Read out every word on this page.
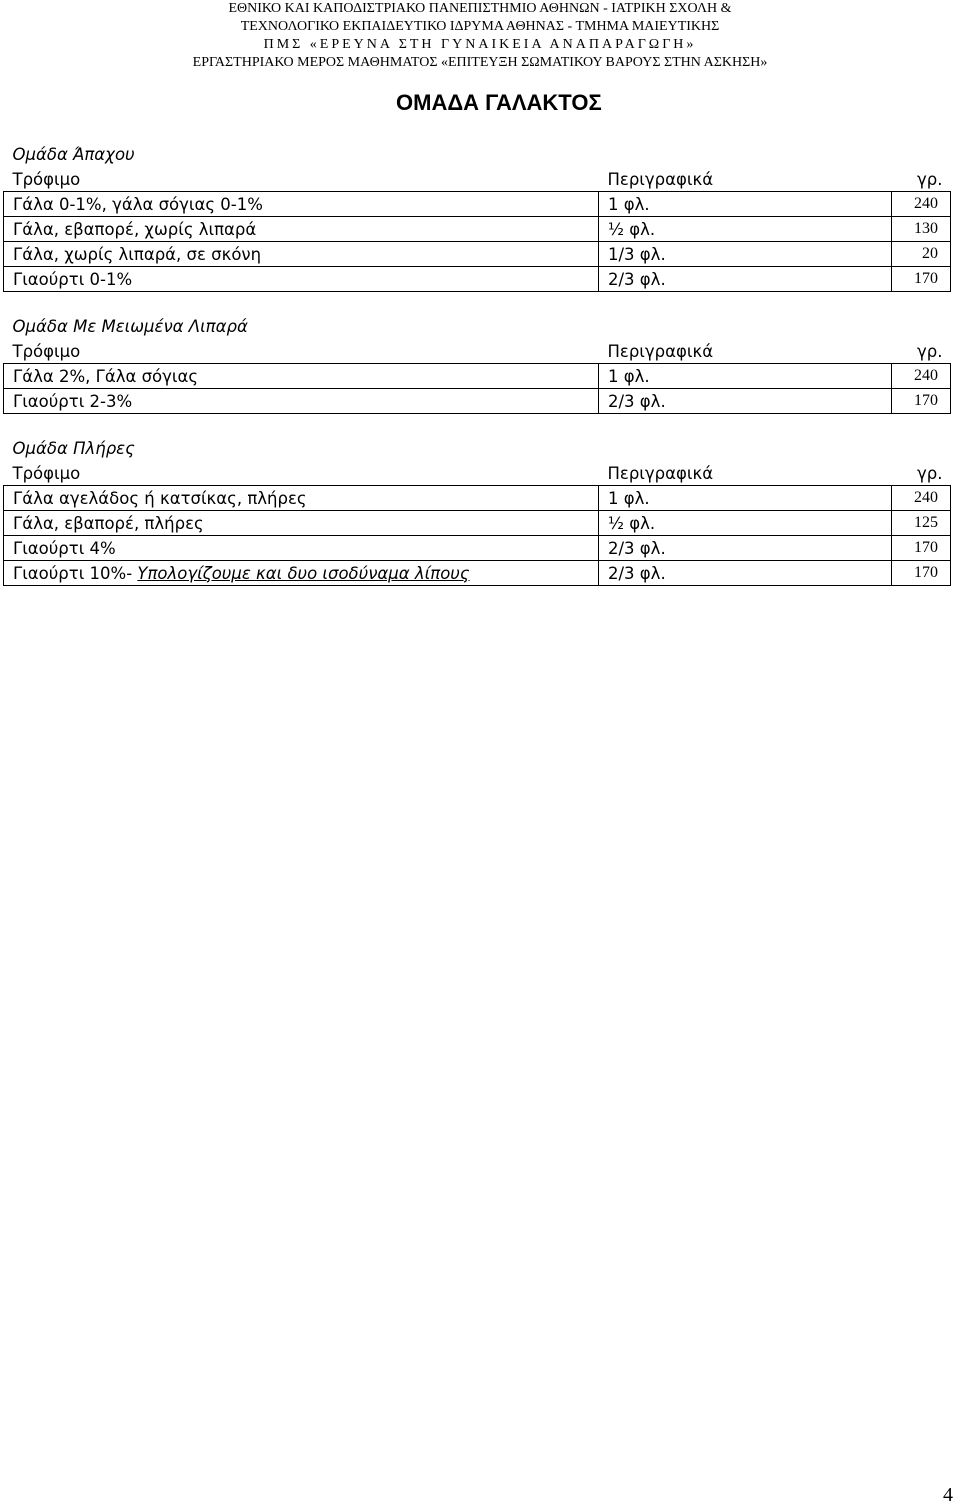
ΕΘΝΙΚΟ ΚΑΙ ΚΑΠΟΔΙΣΤΡΙΑΚΟ ΠΑΝΕΠΙΣΤΗΜΙΟ ΑΘΗΝΩΝ - ΙΑΤΡΙΚΗ ΣΧΟΛΗ &
ΤΕΧΝΟΛΟΓΙΚΟ ΕΚΠΑΙΔΕΥΤΙΚΟ ΙΔΡΥΜΑ ΑΘΗΝΑΣ - ΤΜΗΜΑ ΜΑΙΕΥΤΙΚΗΣ
ΠΜΣ «ΕΡΕΥΝΑ ΣΤΗ ΓΥΝΑΙΚΕΙΑ ΑΝΑΠΑΡΑΓΩΓΗ»
ΕΡΓΑΣΤΗΡΙΑΚΟ ΜΕΡΟΣ ΜΑΘΗΜΑΤΟΣ «ΕΠΙΤΕΥΞΗ ΣΩΜΑΤΙΚΟΥ ΒΑΡΟΥΣ ΣΤΗΝ ΑΣΚΗΣΗ»
ΟΜΑΔΑ ΓΑΛΑΚΤΟΣ
Ομάδα Άπαχου		
Τρόφιμο	Περιγραφικά	γρ.
Γάλα 0-1%, γάλα σόγιας 0-1%	1 φλ.	240
Γάλα, εβαπορέ, χωρίς λιπαρά	½ φλ.	130
Γάλα, χωρίς λιπαρά, σε σκόνη	1/3 φλ.	20
Γιαούρτι 0-1%	2/3 φλ.	170

Ομάδα Με Μειωμένα Λιπαρά		
Τρόφιμο	Περιγραφικά	γρ.
Γάλα 2%, Γάλα σόγιας	1 φλ.	240
Γιαούρτι 2-3%	2/3 φλ.	170

Ομάδα Πλήρες		
Τρόφιμο	Περιγραφικά	γρ.
Γάλα αγελάδος ή κατσίκας, πλήρες	1 φλ.	240
Γάλα, εβαπορέ, πλήρες	½ φλ.	125
Γιαούρτι 4%	2/3 φλ.	170
Γιαούρτι 10%- Υπολογίζουμε και δυο ισοδύναμα λίπους	2/3 φλ.	170
4
